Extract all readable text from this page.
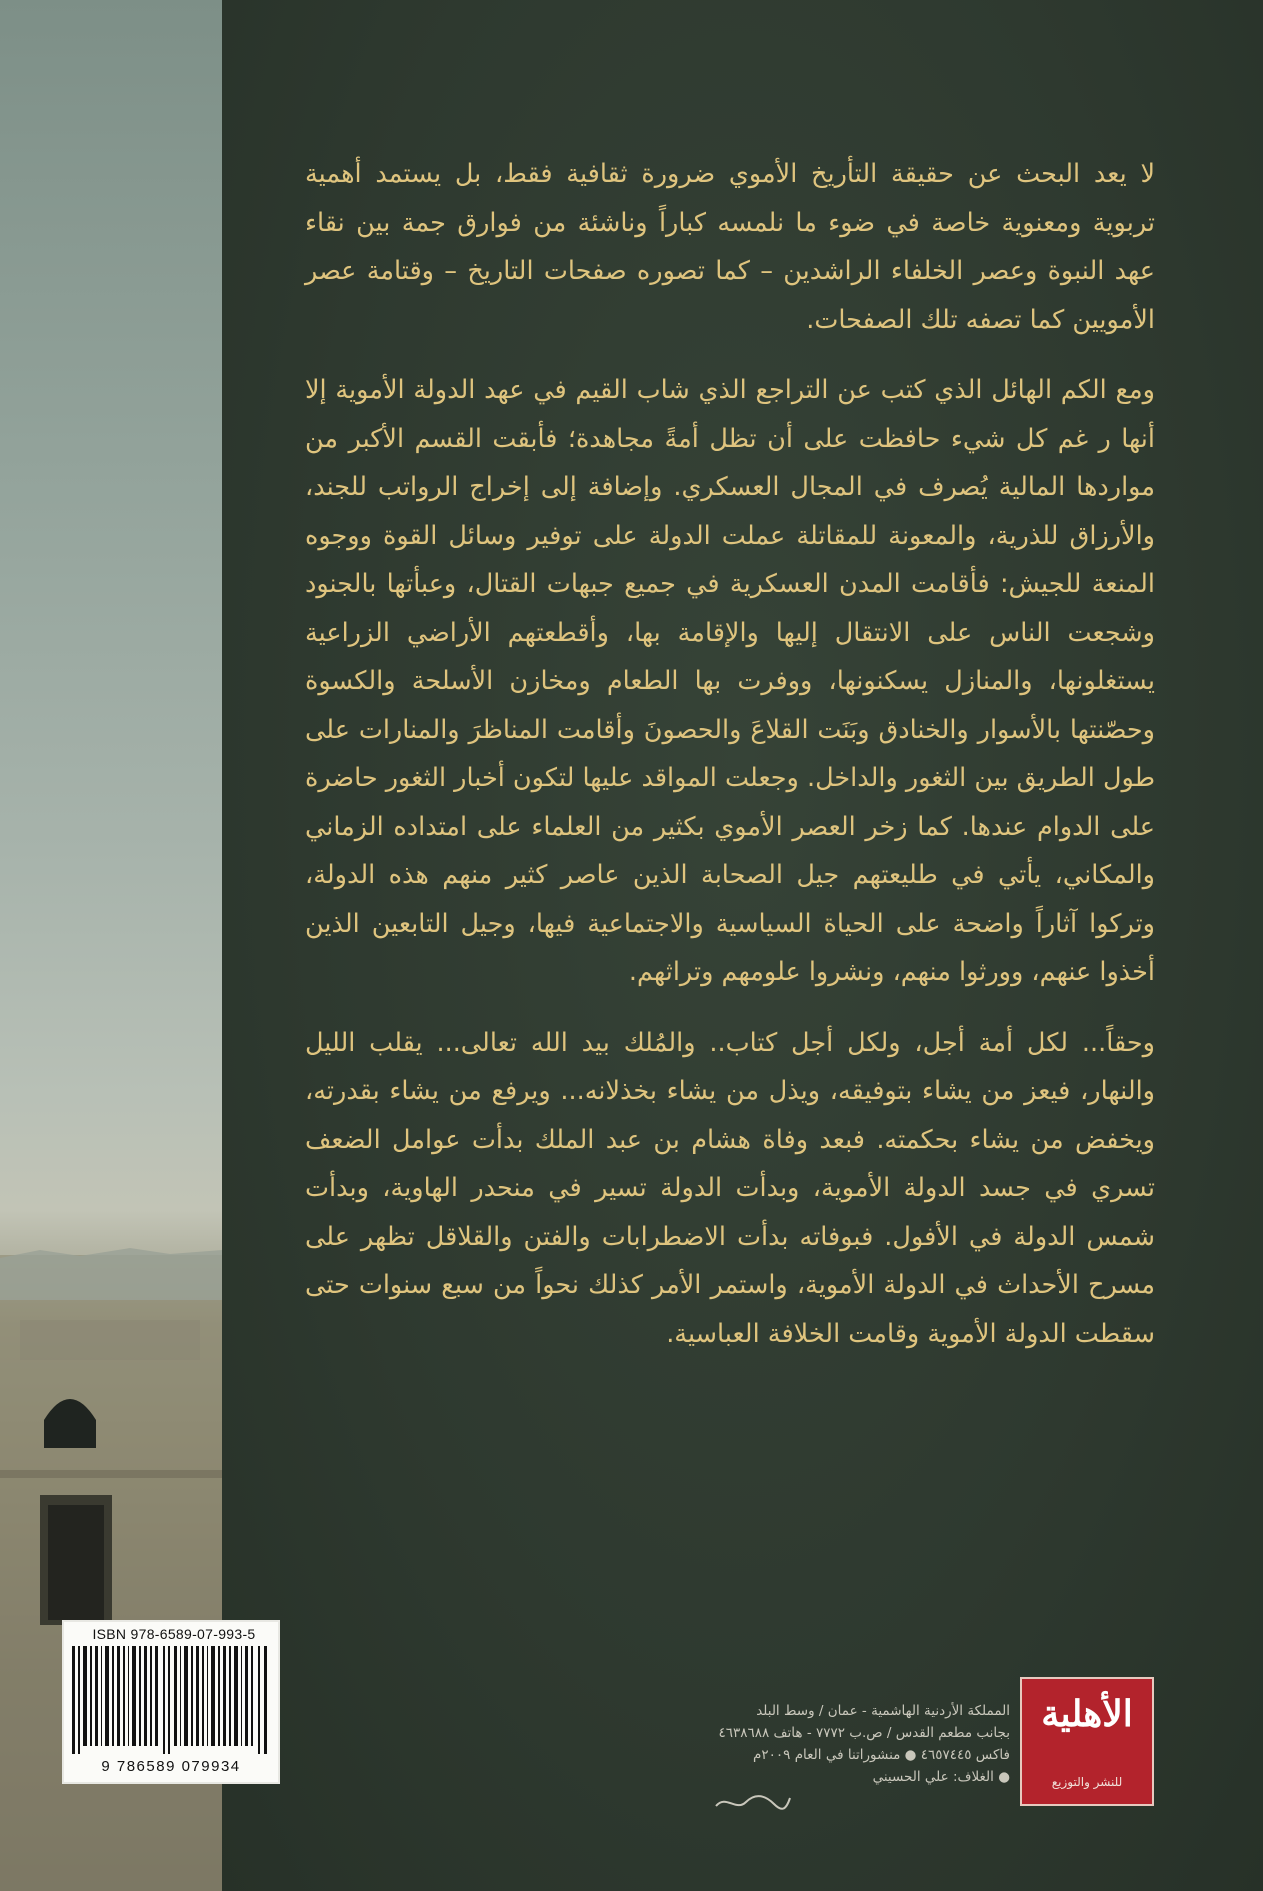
لا يعد البحث عن حقيقة التأريخ الأموي ضرورة ثقافية فقط، بل يستمد أهمية تربوية ومعنوية خاصة في ضوء ما نلمسه كباراً وناشئة من فوارق جمة بين نقاء عهد النبوة وعصر الخلفاء الراشدين – كما تصوره صفحات التاريخ – وقتامة عصر الأمويين كما تصفه تلك الصفحات.

ومع الكم الهائل الذي كتب عن التراجع الذي شاب القيم في عهد الدولة الأموية إلا أنها ر غم كل شيء حافظت على أن تظل أمةً مجاهدة؛ فأبقت القسم الأكبر من مواردها المالية يُصرف في المجال العسكري. وإضافة إلى إخراج الرواتب للجند، والأرزاق للذرية، والمعونة للمقاتلة عملت الدولة على توفير وسائل القوة ووجوه المنعة للجيش: فأقامت المدن العسكرية في جميع جبهات القتال، وعبأتها بالجنود وشجعت الناس على الانتقال إليها والإقامة بها، وأقطعتهم الأراضي الزراعية يستغلونها، والمنازل يسكنونها، ووفرت بها الطعام ومخازن الأسلحة والكسوة وحصّنتها بالأسوار والخنادق وبَنَت القلاعَ والحصونَ وأقامت المناظرَ والمنارات على طول الطريق بين الثغور والداخل. وجعلت المواقد عليها لتكون أخبار الثغور حاضرة على الدوام عندها. كما زخر العصر الأموي بكثير من العلماء على امتداده الزماني والمكاني، يأتي في طليعتهم جيل الصحابة الذين عاصر كثير منهم هذه الدولة، وتركوا آثاراً واضحة على الحياة السياسية والاجتماعية فيها، وجيل التابعين الذين أخذوا عنهم، وورثوا منهم، ونشروا علومهم وتراثهم.

وحقاً... لكل أمة أجل، ولكل أجل كتاب.. والمُلك بيد الله تعالى... يقلب الليل والنهار، فيعز من يشاء بتوفيقه، ويذل من يشاء بخذلانه... ويرفع من يشاء بقدرته، ويخفض من يشاء بحكمته. فبعد وفاة هشام بن عبد الملك بدأت عوامل الضعف تسري في جسد الدولة الأموية، وبدأت الدولة تسير في منحدر الهاوية، وبدأت شمس الدولة في الأفول. فبوفاته بدأت الاضطرابات والفتن والقلاقل تظهر على مسرح الأحداث في الدولة الأموية، واستمر الأمر كذلك نحواً من سبع سنوات حتى سقطت الدولة الأموية وقامت الخلافة العباسية.

ISBN 978-6589-07-993-5
9 786589 079934
الأهلية
للنشر والتوزيع
المملكة الأردنية الهاشمية - عمان / وسط البلد
بجانب مطعم القدس / ص.ب ٧٧٧٢ - هاتف ٤٦٣٨٦٨٨
فاكس ٤٦٥٧٤٤٥ ● منشوراتنا في العام ٢٠٠٩م
● الغلاف: علي الحسيني
